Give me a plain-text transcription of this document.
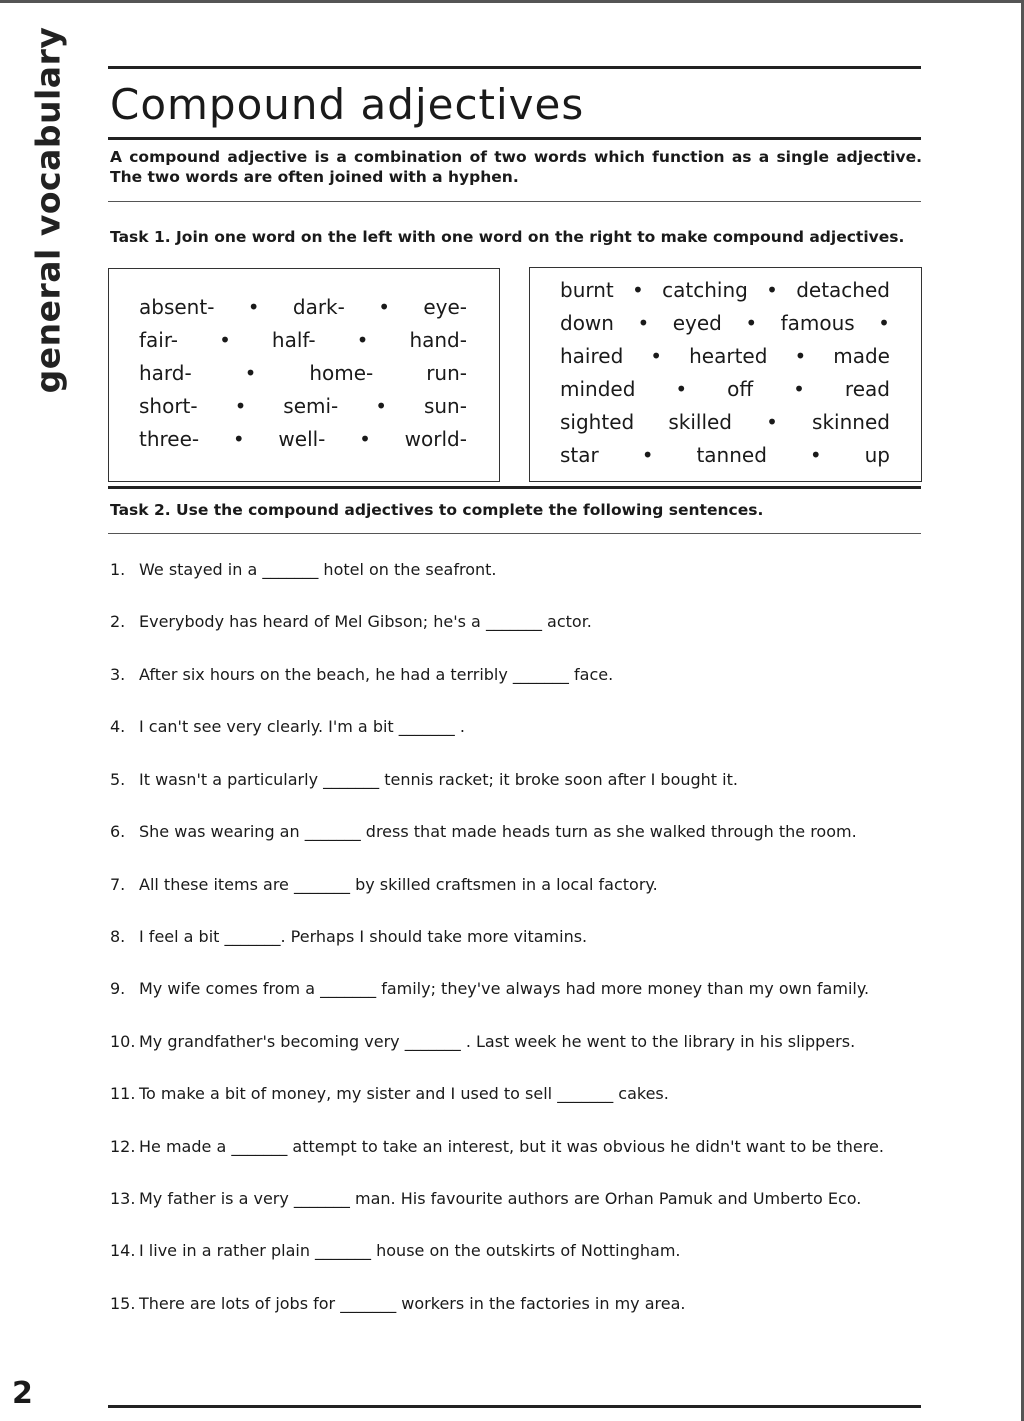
general vocabulary
2
Compound adjectives
A compound adjective is a combination of two words which function as a single adjective.
The two words are often joined with a hyphen.
Task 1. Join one word on the left with one word on the right to make compound adjectives.
absent- • dark- • eye-
fair- • half- • hand-
hard-	•	home-	run-
short- • semi- • sun-
three- • well- • world-
burnt • catching • detached
down • eyed • famous •
haired • hearted • made
minded • off • read
sighted skilled • skinned
star • tanned • up
Task 2. Use the compound adjectives to complete the following sentences.
1. We stayed in a _______ hotel on the seafront.
2. Everybody has heard of Mel Gibson; he's a _______ actor.
3. After six hours on the beach, he had a terribly _______ face.
4. I can't see very clearly. I'm a bit _______ .
5. It wasn't a particularly _______ tennis racket; it broke soon after I bought it.
6. She was wearing an _______ dress that made heads turn as she walked through the room.
7. All these items are _______ by skilled craftsmen in a local factory.
8. I feel a bit _______. Perhaps I should take more vitamins.
9. My wife comes from a _______ family; they've always had more money than my own family.
10. My grandfather's becoming very _______ . Last week he went to the library in his slippers.
11. To make a bit of money, my sister and I used to sell _______ cakes.
12. He made a _______ attempt to take an interest, but it was obvious he didn't want to be there.
13. My father is a very _______ man. His favourite authors are Orhan Pamuk and Umberto Eco.
14. I live in a rather plain _______ house on the outskirts of Nottingham.
15. There are lots of jobs for _______ workers in the factories in my area.
